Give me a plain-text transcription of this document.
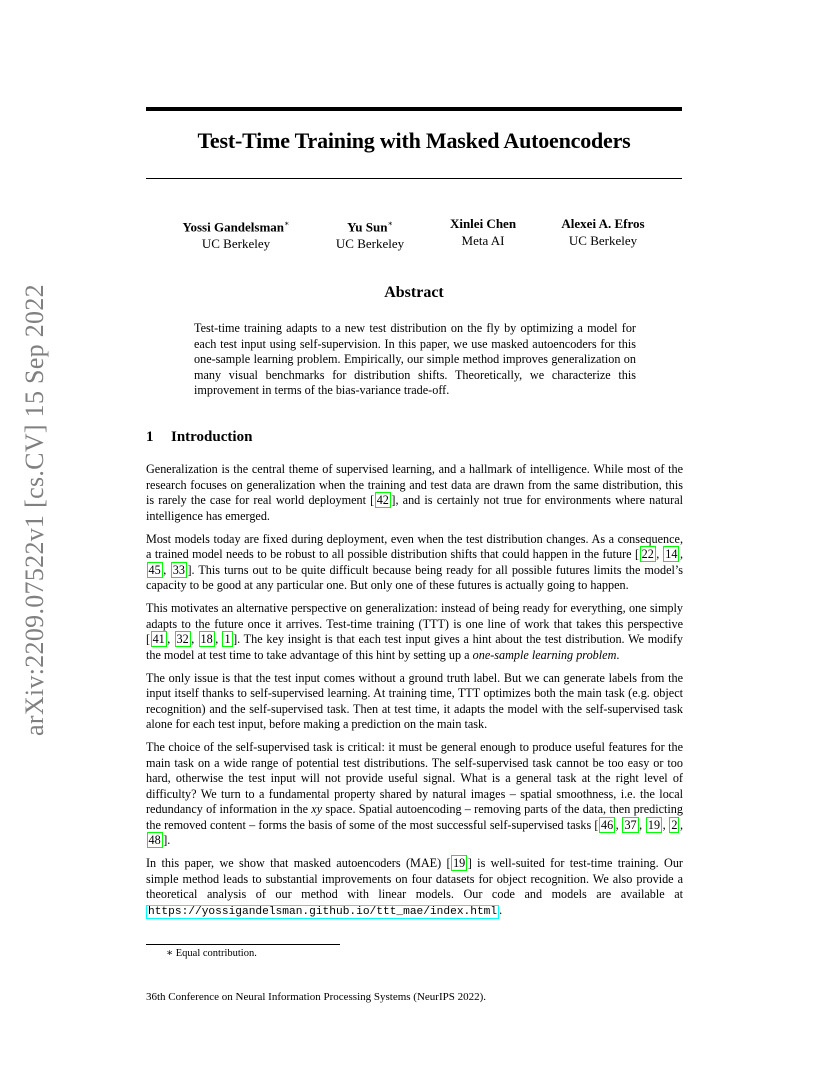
arXiv:2209.07522v1 [cs.CV] 15 Sep 2022
Test-Time Training with Masked Autoencoders
Yossi Gandelsman∗
UC Berkeley
Yu Sun∗
UC Berkeley
Xinlei Chen
Meta AI
Alexei A. Efros
UC Berkeley
Abstract
Test-time training adapts to a new test distribution on the fly by optimizing a model for each test input using self-supervision. In this paper, we use masked autoencoders for this one-sample learning problem. Empirically, our simple method improves generalization on many visual benchmarks for distribution shifts. Theoretically, we characterize this improvement in terms of the bias-variance trade-off.
1 Introduction

Generalization is the central theme of supervised learning, and a hallmark of intelligence. While most of the research focuses on generalization when the training and test data are drawn from the same distribution, this is rarely the case for real world deployment [ 42 ], and is certainly not true for environments where natural intelligence has emerged.

Most models today are fixed during deployment, even when the test distribution changes. As a consequence, a trained model needs to be robust to all possible distribution shifts that could happen in the future [ 22 , 14 , 45 , 33 ]. This turns out to be quite difficult because being ready for all possible futures limits the model’s capacity to be good at any particular one. But only one of these futures is actually going to happen.

This motivates an alternative perspective on generalization: instead of being ready for everything, one simply adapts to the future once it arrives. Test-time training (TTT) is one line of work that takes this perspective [ 41 , 32 , 18 , 1 ]. The key insight is that each test input gives a hint about the test distribution. We modify the model at test time to take advantage of this hint by setting up a one-sample learning problem.

The only issue is that the test input comes without a ground truth label. But we can generate labels from the input itself thanks to self-supervised learning. At training time, TTT optimizes both the main task (e.g. object recognition) and the self-supervised task. Then at test time, it adapts the model with the self-supervised task alone for each test input, before making a prediction on the main task.

The choice of the self-supervised task is critical: it must be general enough to produce useful features for the main task on a wide range of potential test distributions. The self-supervised task cannot be too easy or too hard, otherwise the test input will not provide useful signal. What is a general task at the right level of difficulty? We turn to a fundamental property shared by natural images – spatial smoothness, i.e. the local redundancy of information in the xy space. Spatial autoencoding – removing parts of the data, then predicting the removed content – forms the basis of some of the most successful self-supervised tasks [ 46 , 37 , 19 , 2 , 48 ].

In this paper, we show that masked autoencoders (MAE) [ 19 ] is well-suited for test-time training. Our simple method leads to substantial improvements on four datasets for object recognition. We also provide a theoretical analysis of our method with linear models. Our code and models are available at https://yossigandelsman.github.io/ttt_mae/index.html .

∗ Equal contribution.
36th Conference on Neural Information Processing Systems (NeurIPS 2022).
